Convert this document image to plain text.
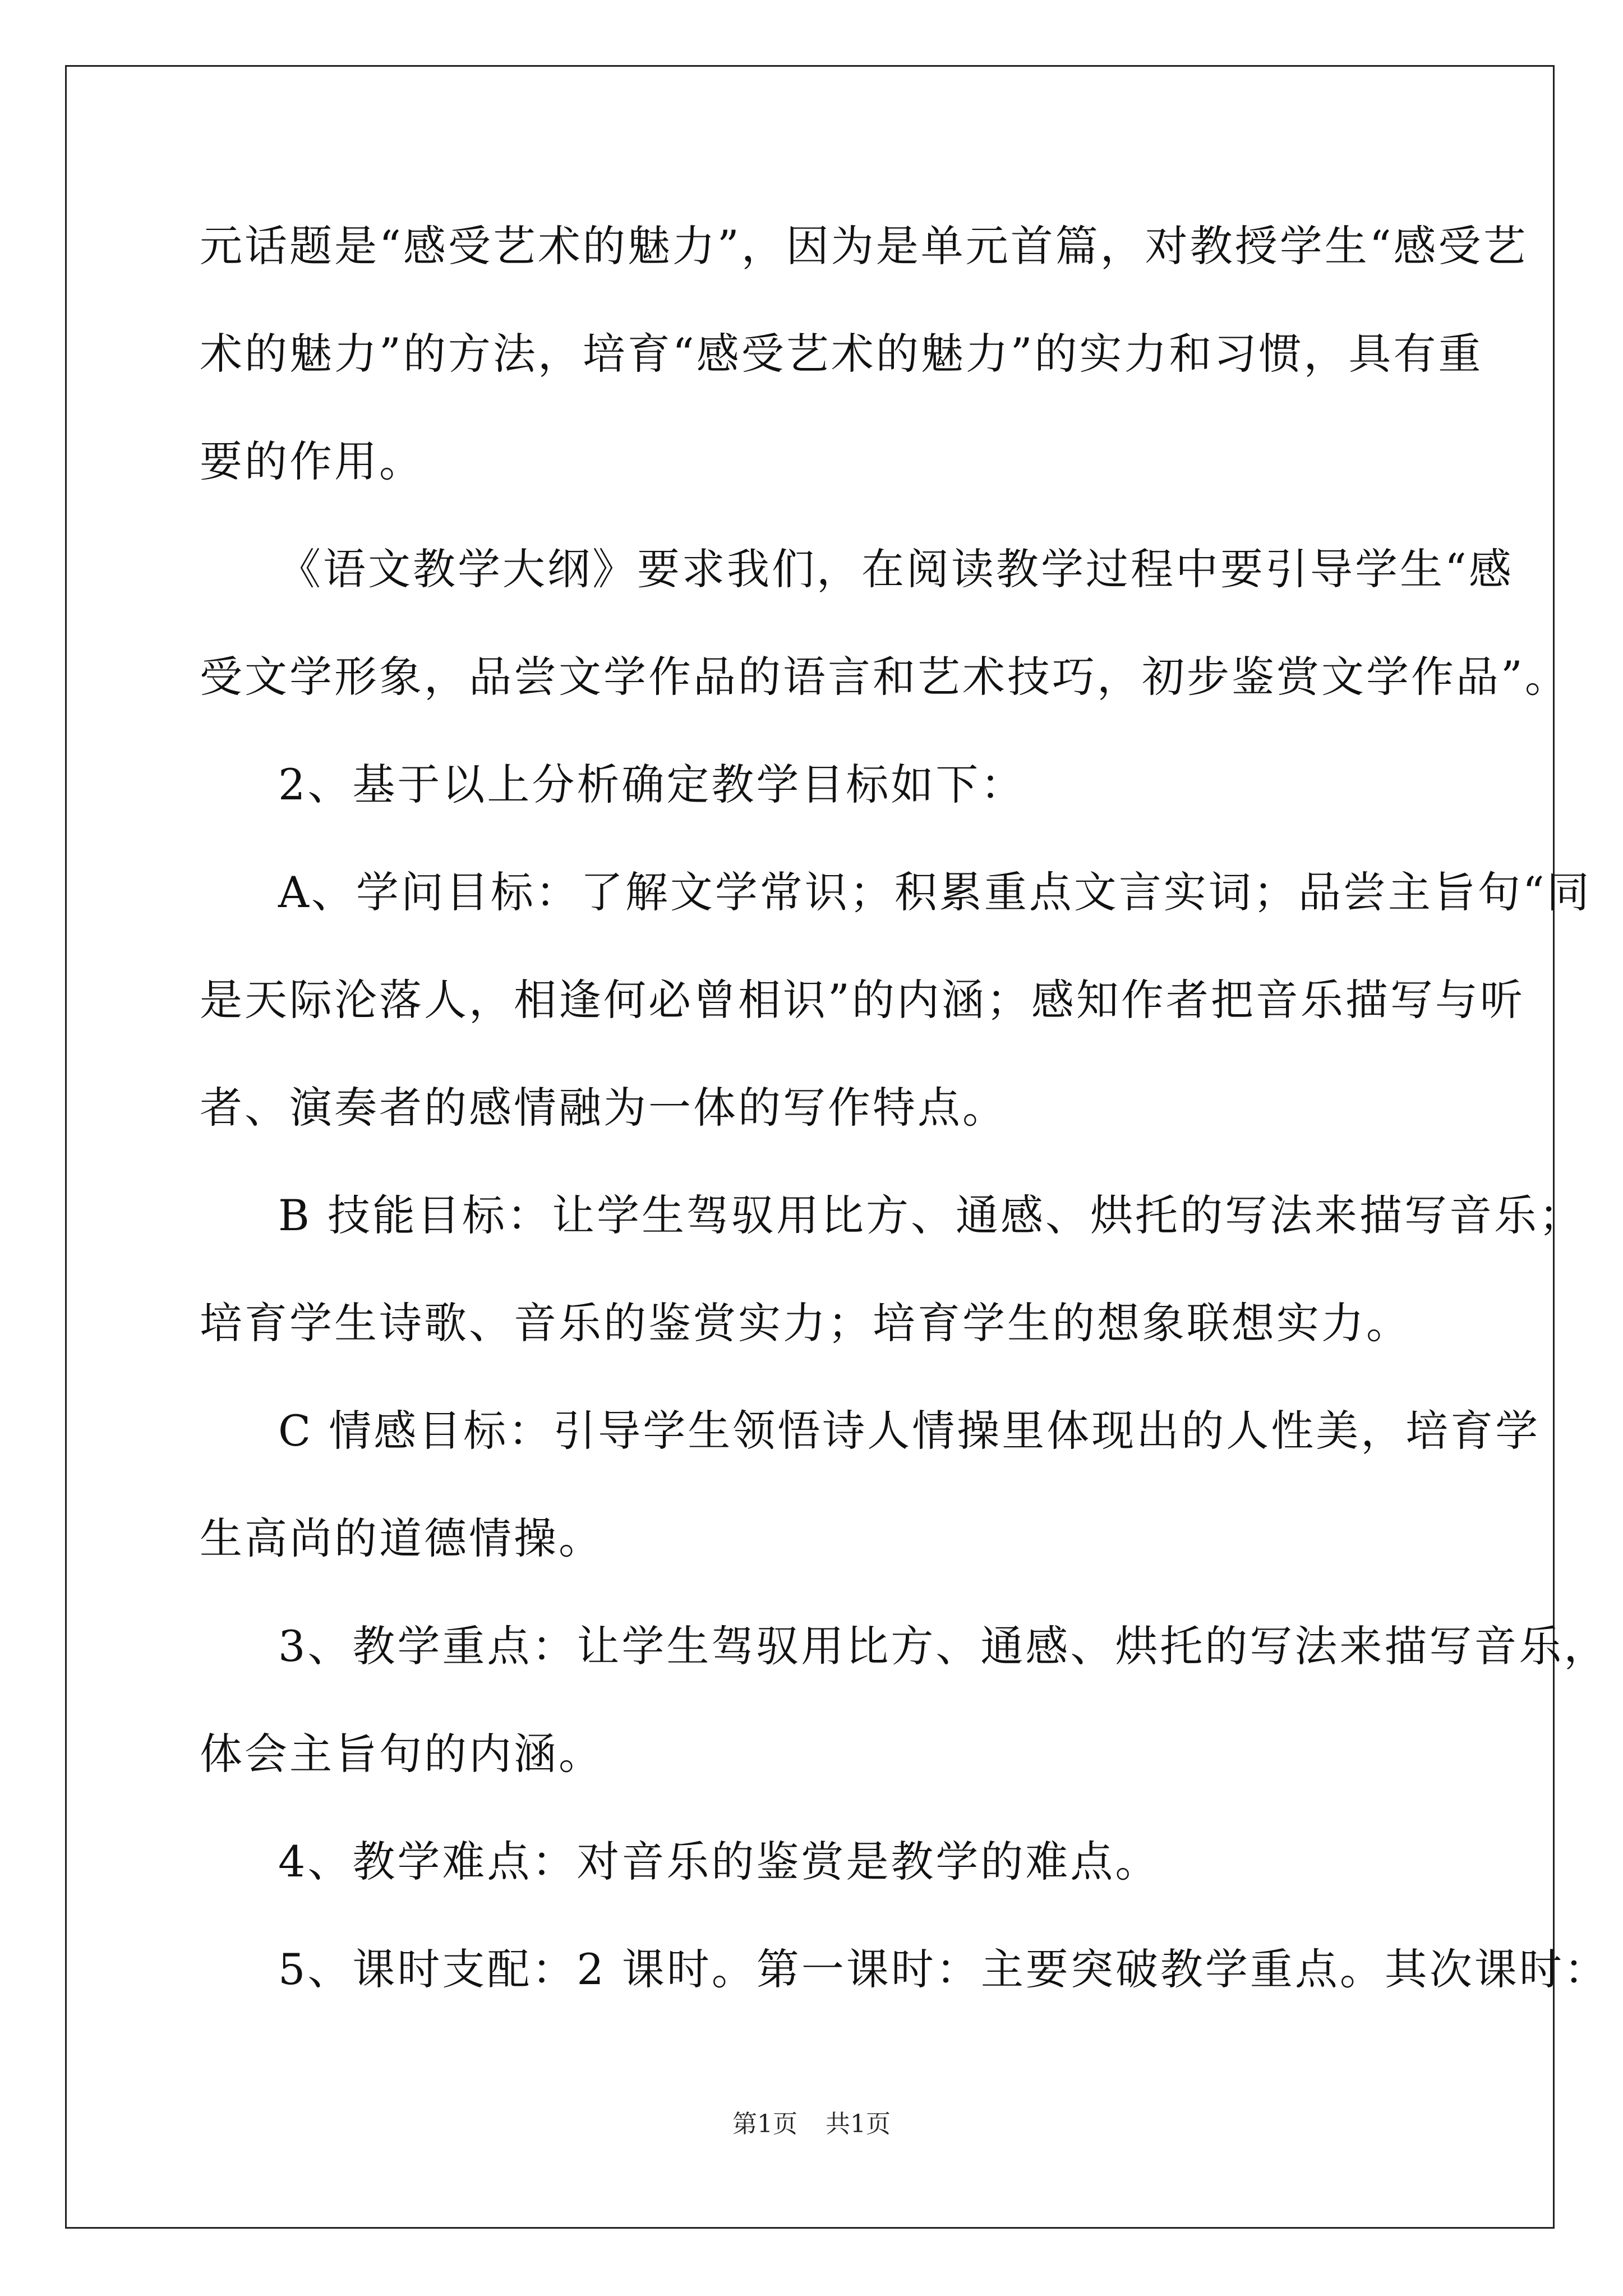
元话题是“感受艺术的魅力”，因为是单元首篇，对教授学生“感受艺
术的魅力”的方法，培育“感受艺术的魅力”的实力和习惯，具有重
要的作用。
《语文教学大纲》要求我们，在阅读教学过程中要引导学生“感
受文学形象，品尝文学作品的语言和艺术技巧，初步鉴赏文学作品”。
2、基于以上分析确定教学目标如下：
A、学问目标：了解文学常识；积累重点文言实词；品尝主旨句“同
是天际沦落人，相逢何必曾相识”的内涵；感知作者把音乐描写与听
者、演奏者的感情融为一体的写作特点。
B 技能目标：让学生驾驭用比方、通感、烘托的写法来描写音乐；
培育学生诗歌、音乐的鉴赏实力；培育学生的想象联想实力。
C 情感目标：引导学生领悟诗人情操里体现出的人性美，培育学
生高尚的道德情操。
3、教学重点：让学生驾驭用比方、通感、烘托的写法来描写音乐，
体会主旨句的内涵。
4、教学难点：对音乐的鉴赏是教学的难点。
5、课时支配：2 课时。第一课时：主要突破教学重点。其次课时：
第1页 共1页
